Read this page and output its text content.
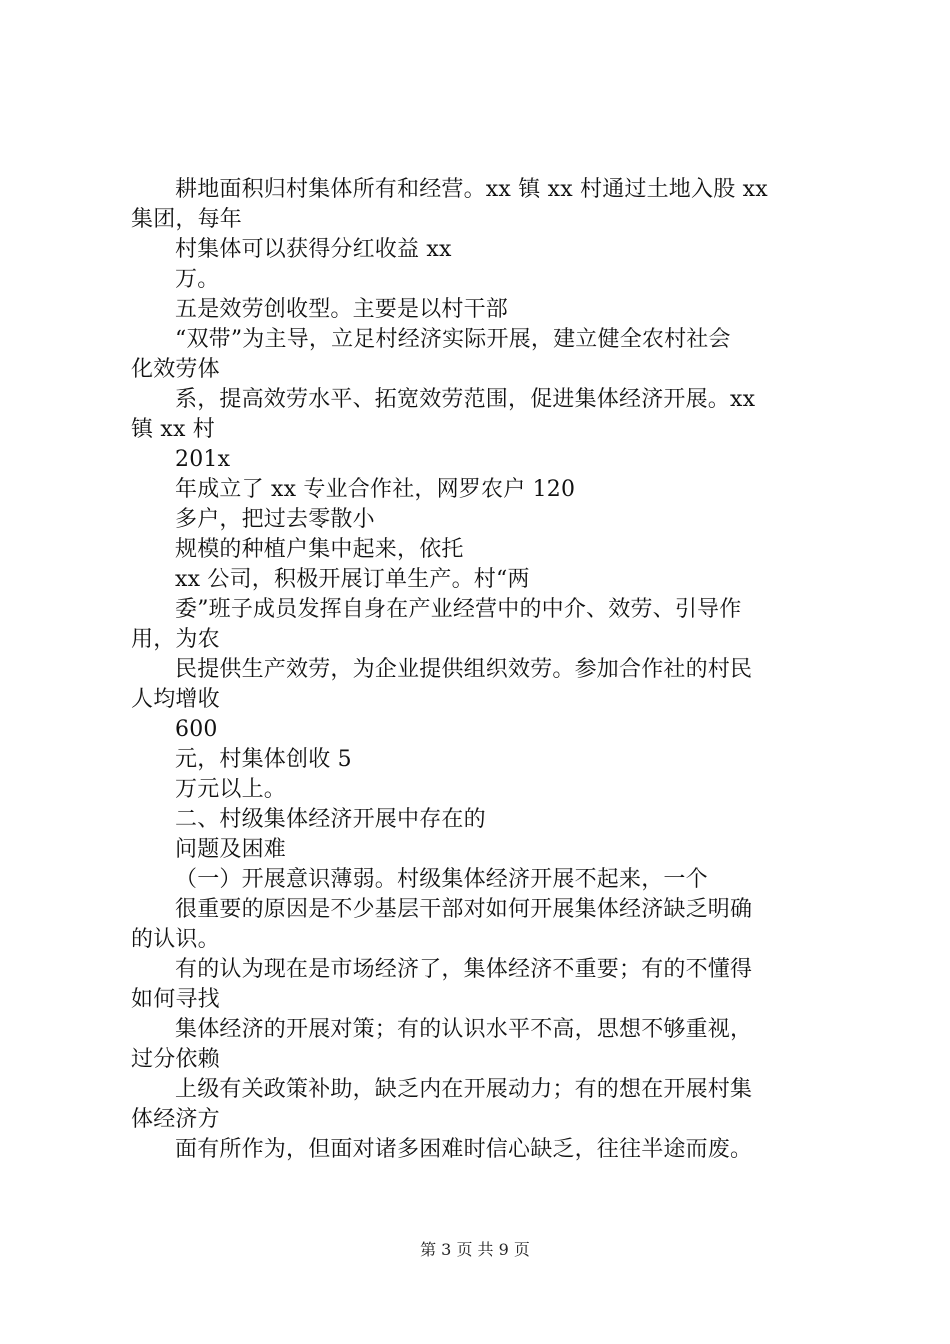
耕地面积归村集体所有和经营。xx 镇 xx 村通过土地入股 xx
集团，每年
村集体可以获得分红收益 xx
万。
五是效劳创收型。主要是以村干部
“双带”为主导，立足村经济实际开展，建立健全农村社会
化效劳体
系，提高效劳水平、拓宽效劳范围，促进集体经济开展。xx
镇 xx 村
201x
年成立了 xx 专业合作社，网罗农户 120
多户，把过去零散小
规模的种植户集中起来，依托
xx 公司，积极开展订单生产。村“两
委”班子成员发挥自身在产业经营中的中介、效劳、引导作
用，为农
民提供生产效劳，为企业提供组织效劳。参加合作社的村民
人均增收
600
元，村集体创收 5
万元以上。
二、村级集体经济开展中存在的
问题及困难
（一）开展意识薄弱。村级集体经济开展不起来，一个
很重要的原因是不少基层干部对如何开展集体经济缺乏明确
的认识。
有的认为现在是市场经济了，集体经济不重要；有的不懂得
如何寻找
集体经济的开展对策；有的认识水平不高，思想不够重视，
过分依赖
上级有关政策补助，缺乏内在开展动力；有的想在开展村集
体经济方
面有所作为，但面对诸多困难时信心缺乏，往往半途而废。
第 3 页 共 9 页
